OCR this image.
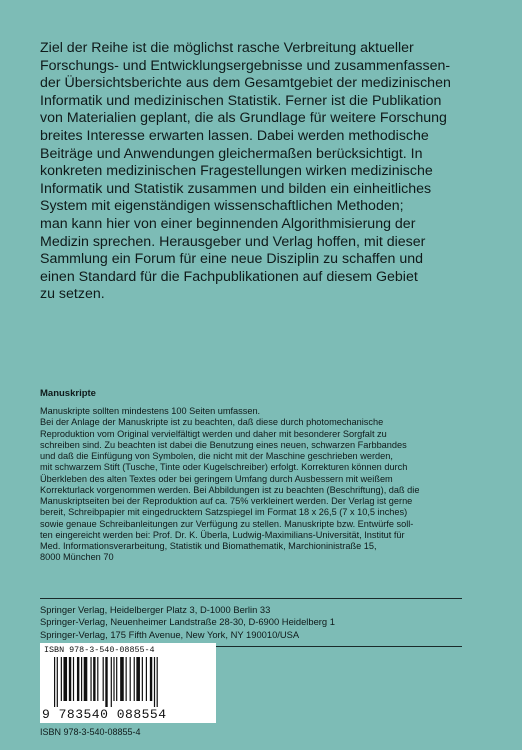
Ziel der Reihe ist die möglichst rasche Verbreitung aktueller
Forschungs- und Entwicklungsergebnisse und zusammenfassen-
der Übersichtsberichte aus dem Gesamtgebiet der medizinischen
Informatik und medizinischen Statistik. Ferner ist die Publikation
von Materialien geplant, die als Grundlage für weitere Forschung
breites Interesse erwarten lassen. Dabei werden methodische
Beiträge und Anwendungen gleichermaßen berücksichtigt. In
konkreten medizinischen Fragestellungen wirken medizinische
Informatik und Statistik zusammen und bilden ein einheitliches
System mit eigenständigen wissenschaftlichen Methoden;
man kann hier von einer beginnenden Algorithmisierung der
Medizin sprechen. Herausgeber und Verlag hoffen, mit dieser
Sammlung ein Forum für eine neue Disziplin zu schaffen und
einen Standard für die Fachpublikationen auf diesem Gebiet
zu setzen.
Manuskripte
Manuskripte sollten mindestens 100 Seiten umfassen.
Bei der Anlage der Manuskripte ist zu beachten, daß diese durch photomechanische
Reproduktion vom Original vervielfältigt werden und daher mit besonderer Sorgfalt zu
schreiben sind. Zu beachten ist dabei die Benutzung eines neuen, schwarzen Farbbandes
und daß die Einfügung von Symbolen, die nicht mit der Maschine geschrieben werden,
mit schwarzem Stift (Tusche, Tinte oder Kugelschreiber) erfolgt. Korrekturen können durch
Überkleben des alten Textes oder bei geringem Umfang durch Ausbessern mit weißem
Korrekturlack vorgenommen werden. Bei Abbildungen ist zu beachten (Beschriftung), daß die
Manuskriptseiten bei der Reproduktion auf ca. 75% verkleinert werden. Der Verlag ist gerne
bereit, Schreibpapier mit eingedrucktem Satzspiegel im Format 18 x 26,5 (7 x 10,5 inches)
sowie genaue Schreibanleitungen zur Verfügung zu stellen. Manuskripte bzw. Entwürfe soll-
ten eingereicht werden bei: Prof. Dr. K. Überla, Ludwig-Maximilians-Universität, Institut für
Med. Informationsverarbeitung, Statistik und Biomathematik, Marchioninistraße 15,
8000 München 70
Springer Verlag, Heidelberger Platz 3, D-1000 Berlin 33
Springer-Verlag, Neuenheimer Landstraße 28-30, D-6900 Heidelberg 1
Springer-Verlag, 175 Fifth Avenue, New York, NY 190010/USA
ISBN 978-3-540-08855-4
9 783540 088554
ISBN 978-3-540-08855-4
